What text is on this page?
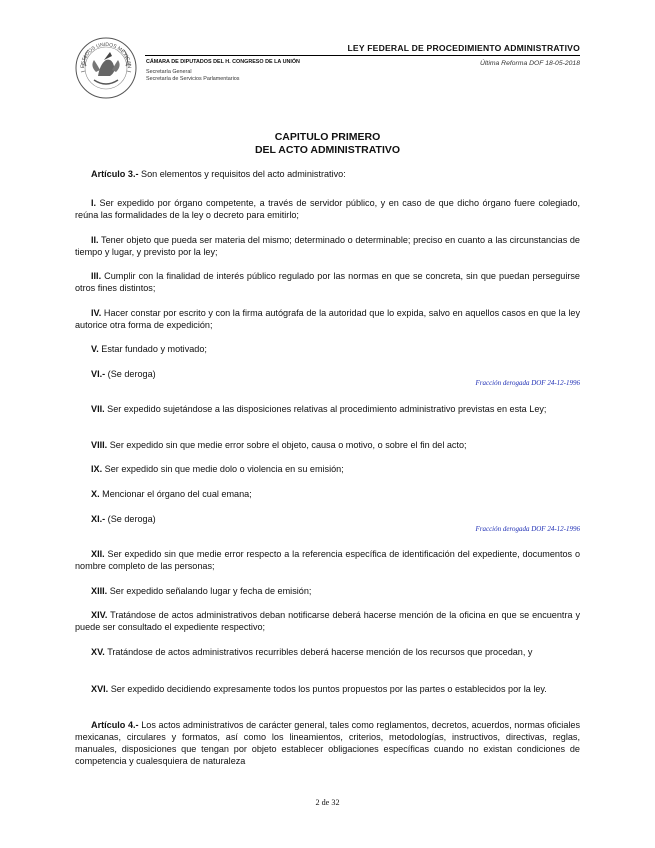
ESTADOS UNIDOS MEXICAN
LEY FEDERAL DE PROCEDIMIENTO ADMINISTRATIVO
CÁMARA DE DIPUTADOS DEL H. CONGRESO DE LA UNIÓN
Secretaría General
Secretaría de Servicios Parlamentarios
Última Reforma DOF 18-05-2018
CAPITULO PRIMERO
DEL ACTO ADMINISTRATIVO
Artículo 3.- Son elementos y requisitos del acto administrativo:
I. Ser expedido por órgano competente, a través de servidor público, y en caso de que dicho órgano fuere colegiado, reúna las formalidades de la ley o decreto para emitirlo;
II. Tener objeto que pueda ser materia del mismo; determinado o determinable; preciso en cuanto a las circunstancias de tiempo y lugar, y previsto por la ley;
III. Cumplir con la finalidad de interés público regulado por las normas en que se concreta, sin que puedan perseguirse otros fines distintos;
IV. Hacer constar por escrito y con la firma autógrafa de la autoridad que lo expida, salvo en aquellos casos en que la ley autorice otra forma de expedición;
V. Estar fundado y motivado;
VI.- (Se deroga)
Fracción derogada DOF 24-12-1996
VII. Ser expedido sujetándose a las disposiciones relativas al procedimiento administrativo previstas en esta Ley;
VIII. Ser expedido sin que medie error sobre el objeto, causa o motivo, o sobre el fin del acto;
IX. Ser expedido sin que medie dolo o violencia en su emisión;
X. Mencionar el órgano del cual emana;
XI.- (Se deroga)
Fracción derogada DOF 24-12-1996
XII. Ser expedido sin que medie error respecto a la referencia específica de identificación del expediente, documentos o nombre completo de las personas;
XIII. Ser expedido señalando lugar y fecha de emisión;
XIV. Tratándose de actos administrativos deban notificarse deberá hacerse mención de la oficina en que se encuentra y puede ser consultado el expediente respectivo;
XV. Tratándose de actos administrativos recurribles deberá hacerse mención de los recursos que procedan, y
XVI. Ser expedido decidiendo expresamente todos los puntos propuestos por las partes o establecidos por la ley.
Artículo 4.- Los actos administrativos de carácter general, tales como reglamentos, decretos, acuerdos, normas oficiales mexicanas, circulares y formatos, así como los lineamientos, criterios, metodologías, instructivos, directivas, reglas, manuales, disposiciones que tengan por objeto establecer obligaciones específicas cuando no existan condiciones de competencia y cualesquiera de naturaleza
2 de 32
